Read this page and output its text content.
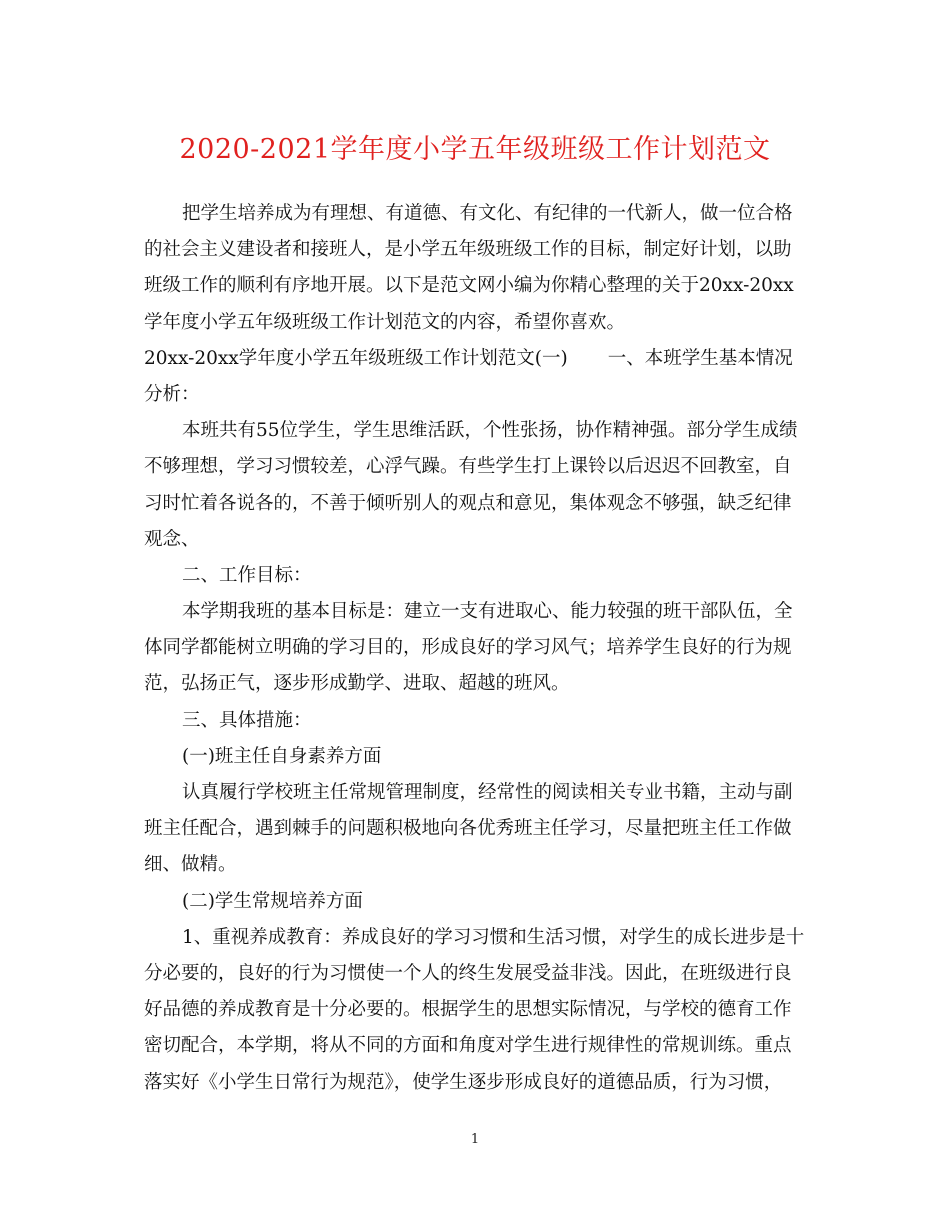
2020-2021学年度小学五年级班级工作计划范文
把学生培养成为有理想、有道德、有文化、有纪律的一代新人，做一位合格
的社会主义建设者和接班人，是小学五年级班级工作的目标，制定好计划，以助
班级工作的顺利有序地开展。以下是范文网小编为你精心整理的关于20xx-20xx
学年度小学五年级班级工作计划范文的内容，希望你喜欢。
20xx-20xx学年度小学五年级班级工作计划范文(一) 一、本班学生基本情况
分析：
本班共有55位学生，学生思维活跃，个性张扬，协作精神强。部分学生成绩
不够理想，学习习惯较差，心浮气躁。有些学生打上课铃以后迟迟不回教室，自
习时忙着各说各的，不善于倾听别人的观点和意见，集体观念不够强，缺乏纪律
观念、
二、工作目标：
本学期我班的基本目标是：建立一支有进取心、能力较强的班干部队伍，全
体同学都能树立明确的学习目的，形成良好的学习风气；培养学生良好的行为规
范，弘扬正气，逐步形成勤学、进取、超越的班风。
三、具体措施：
(一)班主任自身素养方面
认真履行学校班主任常规管理制度，经常性的阅读相关专业书籍，主动与副
班主任配合，遇到棘手的问题积极地向各优秀班主任学习，尽量把班主任工作做
细、做精。
(二)学生常规培养方面
1、重视养成教育：养成良好的学习习惯和生活习惯，对学生的成长进步是十
分必要的，良好的行为习惯使一个人的终生发展受益非浅。因此，在班级进行良
好品德的养成教育是十分必要的。根据学生的思想实际情况，与学校的德育工作
密切配合，本学期，将从不同的方面和角度对学生进行规律性的常规训练。重点
落实好《小学生日常行为规范》，使学生逐步形成良好的道德品质，行为习惯，
1
